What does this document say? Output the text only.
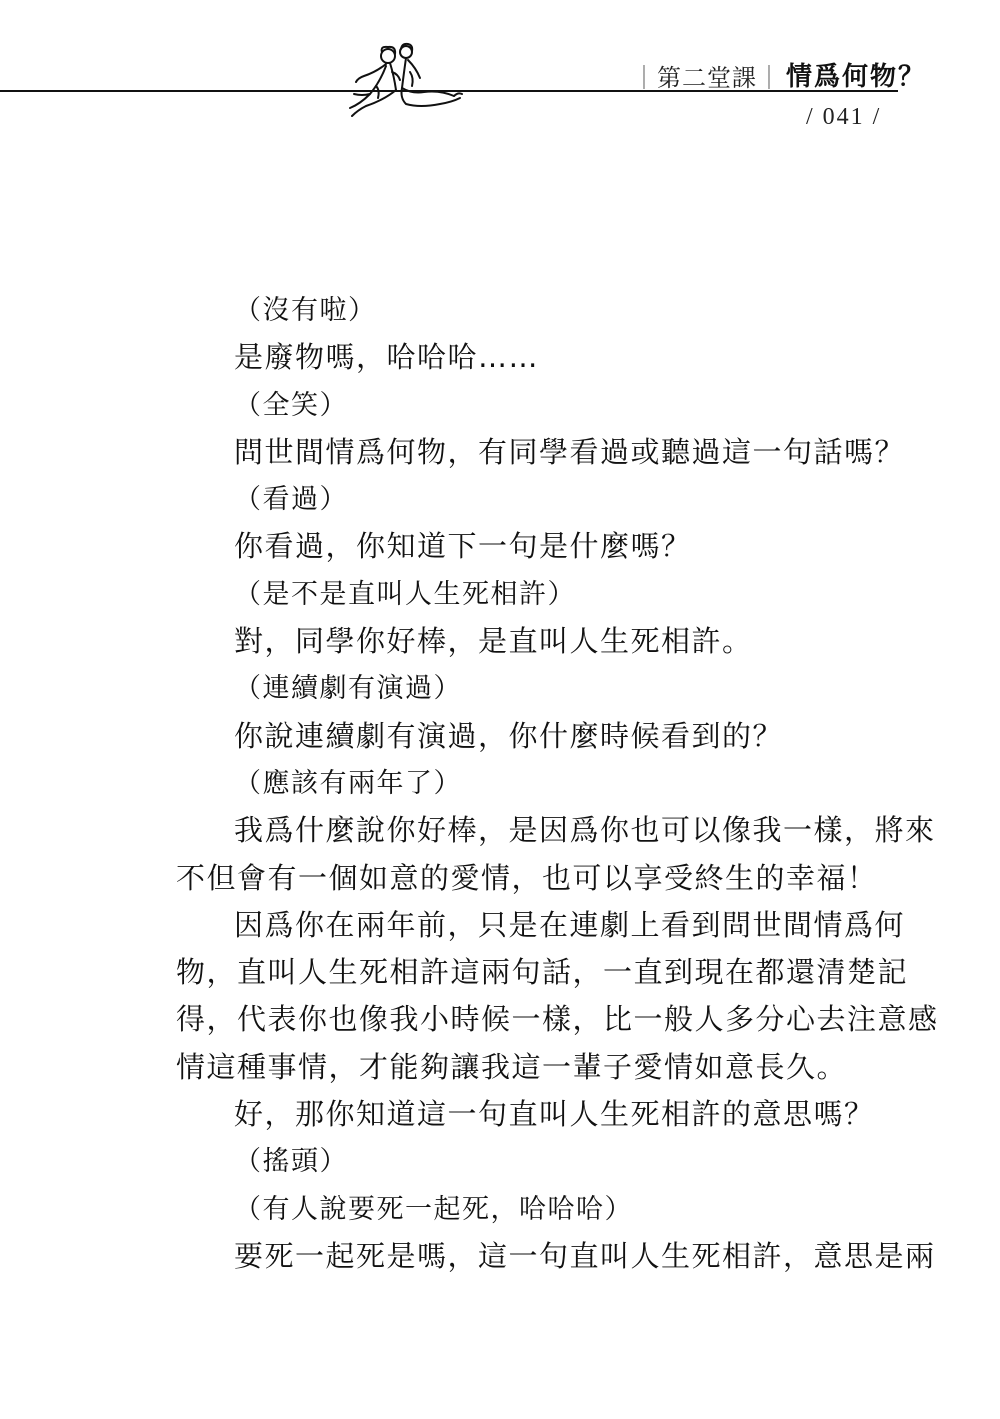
｜第二堂課｜ 情爲何物？
/ 041 /
（沒有啦）
是廢物嗎，哈哈哈……
（全笑）
問世間情爲何物，有同學看過或聽過這一句話嗎？
（看過）
你看過，你知道下一句是什麼嗎？
（是不是直叫人生死相許）
對，同學你好棒，是直叫人生死相許。
（連續劇有演過）
你說連續劇有演過，你什麼時候看到的？
（應該有兩年了）
我爲什麼說你好棒，是因爲你也可以像我一樣，將來
不但會有一個如意的愛情，也可以享受終生的幸福！
因爲你在兩年前，只是在連劇上看到問世間情爲何
物，直叫人生死相許這兩句話，一直到現在都還清楚記
得，代表你也像我小時候一樣，比一般人多分心去注意感
情這種事情，才能夠讓我這一輩子愛情如意長久。
好，那你知道這一句直叫人生死相許的意思嗎？
（搖頭）
（有人說要死一起死，哈哈哈）
要死一起死是嗎，這一句直叫人生死相許，意思是兩
